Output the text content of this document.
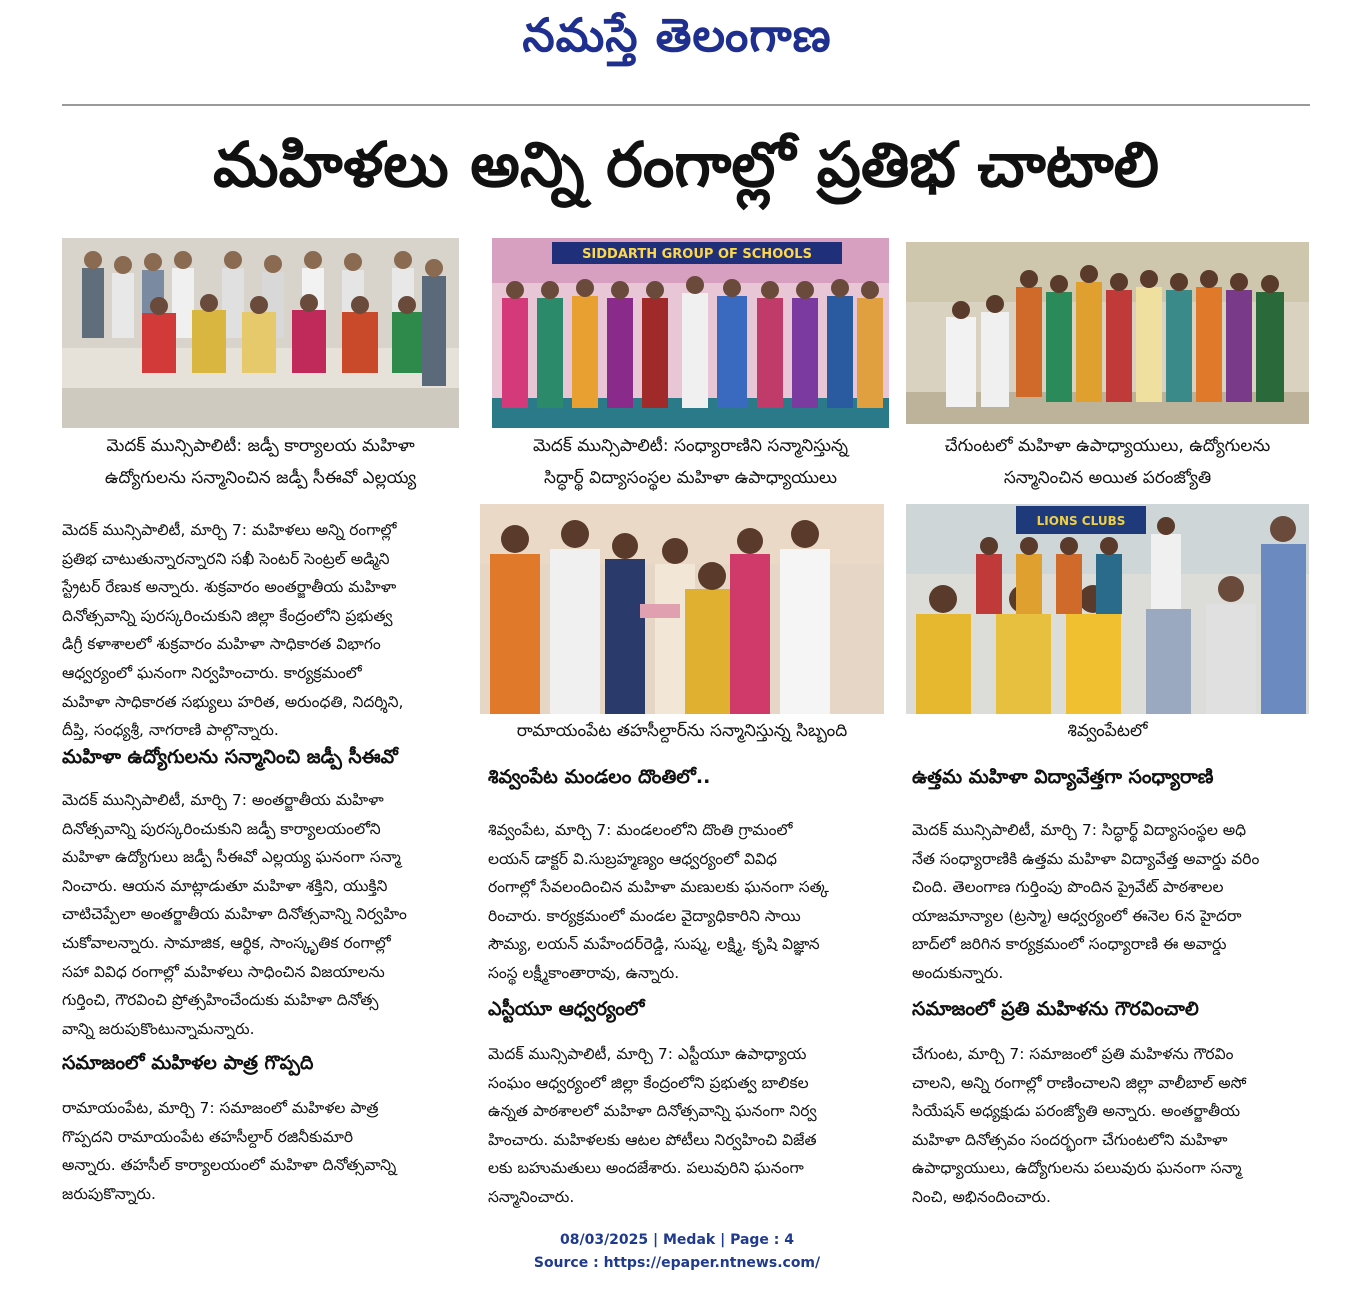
నమస్తే తెలంగాణ
మహిళలు అన్ని రంగాల్లో ప్రతిభ చాటాలి
మెదక్ మున్సిపాలిటీ: జడ్పీ కార్యాలయ మహిళా
ఉద్యోగులను సన్మానించిన జడ్పీ సీఈవో ఎల్లయ్య
SIDDARTH GROUP OF SCHOOLS
మెదక్ మున్సిపాలిటీ: సంధ్యారాణిని సన్మానిస్తున్న
సిద్ధార్థ్ విద్యాసంస్థల మహిళా ఉపాధ్యాయులు
చేగుంటలో మహిళా ఉపాధ్యాయులు, ఉద్యోగులను
సన్మానించిన అయిత పరంజ్యోతి
రామాయంపేట తహసీల్దార్‌ను సన్మానిస్తున్న సిబ్బంది
LIONS CLUBS
శివ్వంపేటలో
మెదక్ మున్సిపాలిటీ, మార్చి 7: మహిళలు అన్ని రంగాల్లో
ప్రతిభ చాటుతున్నారన్నారని సఖీ సెంటర్ సెంట్రల్ అడ్మిని
స్ట్రేటర్ రేణుక అన్నారు. శుక్రవారం అంతర్జాతీయ మహిళా
దినోత్సవాన్ని పురస్కరించుకుని జిల్లా కేంద్రంలోని ప్రభుత్వ
డిగ్రీ కళాశాలలో శుక్రవారం మహిళా సాధికారత విభాగం
ఆధ్వర్యంలో ఘనంగా నిర్వహించారు. కార్యక్రమంలో
మహిళా సాధికారత సభ్యులు హరిత, అరుంధతి, నిదర్శిని,
దీప్తి, సంధ్యశ్రీ, నాగరాణి పాల్గొన్నారు.
మహిళా ఉద్యోగులను సన్మానించి జడ్పీ సీఈవో
మెదక్ మున్సిపాలిటీ, మార్చి 7: అంతర్జాతీయ మహిళా
దినోత్సవాన్ని పురస్కరించుకుని జడ్పీ కార్యాలయంలోని
మహిళా ఉద్యోగులు జడ్పీ సీఈవో ఎల్లయ్య ఘనంగా సన్మా
నించారు. ఆయన మాట్లాడుతూ మహిళా శక్తిని, యుక్తిని
చాటిచెప్పేలా అంతర్జాతీయ మహిళా దినోత్సవాన్ని నిర్వహిం
చుకోవాలన్నారు. సామాజిక, ఆర్థిక, సాంస్కృతిక రంగాల్లో
సహా వివిధ రంగాల్లో మహిళలు సాధించిన విజయాలను
గుర్తించి, గౌరవించి ప్రోత్సహించేందుకు మహిళా దినోత్స
వాన్ని జరుపుకొంటున్నామన్నారు.
సమాజంలో మహిళల పాత్ర గొప్పది
రామాయంపేట, మార్చి 7: సమాజంలో మహిళల పాత్ర
గొప్పదని రామాయంపేట తహసీల్దార్ రజినీకుమారి
అన్నారు. తహసీల్ కార్యాలయంలో మహిళా దినోత్సవాన్ని
జరుపుకొన్నారు.
శివ్వంపేట మండలం దొంతిలో..
శివ్వంపేట, మార్చి 7: మండలంలోని దొంతి గ్రామంలో
లయన్ డాక్టర్ వి.సుబ్రహ్మణ్యం ఆధ్వర్యంలో వివిధ
రంగాల్లో సేవలందించిన మహిళా మణులకు ఘనంగా సత్క
రించారు. కార్యక్రమంలో మండల వైద్యాధికారిని సాయి
సౌమ్య, లయన్ మహేందర్‌రెడ్డి, సుష్మ, లక్ష్మి, కృషి విజ్ఞాన
సంస్థ లక్ష్మీకాంతారావు, ఉన్నారు.
ఎస్టీయూ ఆధ్వర్యంలో
మెదక్ మున్సిపాలిటీ, మార్చి 7: ఎస్టీయూ ఉపాధ్యాయ
సంఘం ఆధ్వర్యంలో జిల్లా కేంద్రంలోని ప్రభుత్వ బాలికల
ఉన్నత పాఠశాలలో మహిళా దినోత్సవాన్ని ఘనంగా నిర్వ
హించారు. మహిళలకు ఆటల పోటీలు నిర్వహించి విజేత
లకు బహుమతులు అందజేశారు. పలువురిని ఘనంగా
సన్మానించారు.
ఉత్తమ మహిళా విద్యావేత్తగా సంధ్యారాణి
మెదక్ మున్సిపాలిటీ, మార్చి 7: సిద్ధార్థ్ విద్యాసంస్థల అధి
నేత సంధ్యారాణికి ఉత్తమ మహిళా విద్యావేత్త అవార్డు వరిం
చింది. తెలంగాణ గుర్తింపు పొందిన ప్రైవేట్ పాఠశాలల
యాజమాన్యాల (ట్రస్మా) ఆధ్వర్యంలో ఈనెల 6న హైదరా
బాద్‌లో జరిగిన కార్యక్రమంలో సంధ్యారాణి ఈ అవార్డు
అందుకున్నారు.
సమాజంలో ప్రతి మహిళను గౌరవించాలి
చేగుంట, మార్చి 7: సమాజంలో ప్రతి మహిళను గౌరవిం
చాలని, అన్ని రంగాల్లో రాణించాలని జిల్లా వాలీబాల్ అసో
సియేషన్ అధ్యక్షుడు పరంజ్యోతి అన్నారు. అంతర్జాతీయ
మహిళా దినోత్సవం సందర్భంగా చేగుంటలోని మహిళా
ఉపాధ్యాయులు, ఉద్యోగులను పలువురు ఘనంగా సన్మా
నించి, అభినందించారు.
08/03/2025 | Medak | Page : 4
Source : https://epaper.ntnews.com/
